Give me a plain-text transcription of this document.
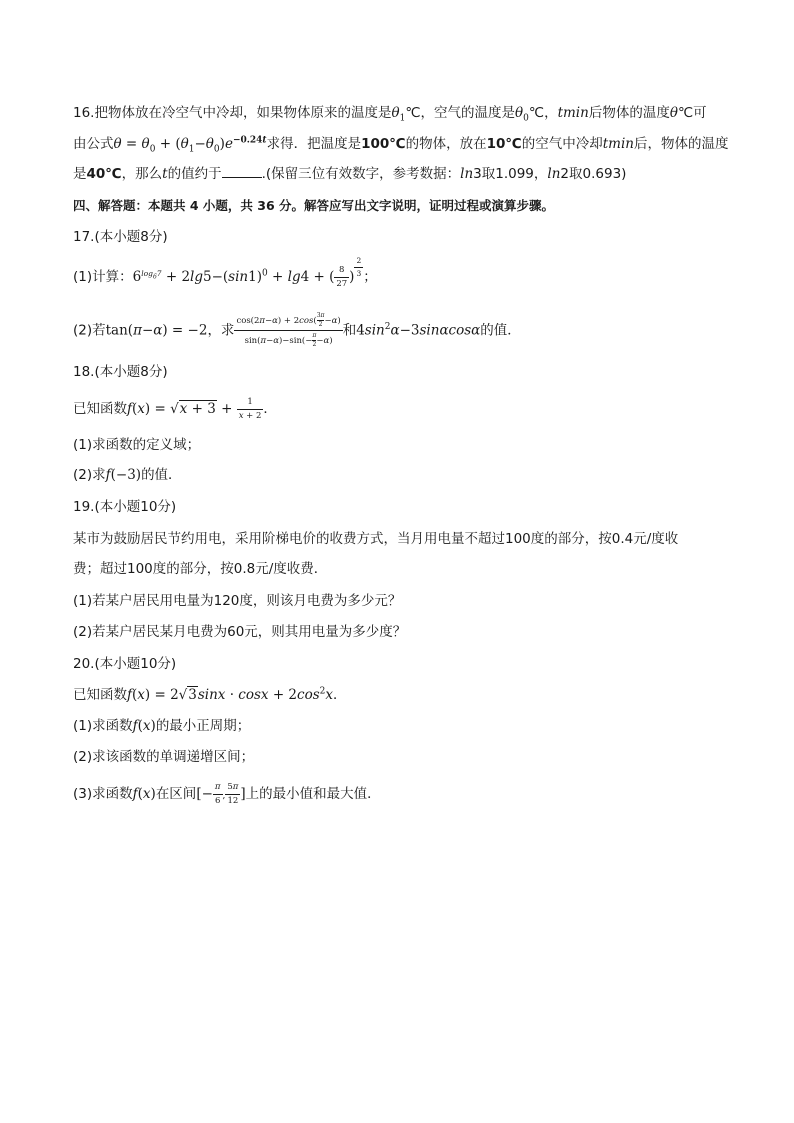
16.把物体放在冷空气中冷却，如果物体原来的温度是$\theta_1℃$，空气的温度是$\theta_0℃$，tmin后物体的温度θ℃可
由公式$\theta = \theta_0 + (\theta_1-\theta_0)e^{-0.24t}$求得．把温度是100℃的物体，放在10℃的空气中冷却tmin后，物体的温度
是40℃，那么t的值约于	.(保留三位有效数字，参考数据：ln3取1.099，ln2取0.693)
四、解答题：本题共 4 小题，共 36 分。解答应写出文字说明，证明过程或演算步骤。
17.(本小题8分)
(1)计算：$6^{log_67} + 2\lg 5-(\sin 1)^0 + \lg 4$ + ( $\frac{8}{27}$ ) $^{\frac{2}{3}}$ ；
(2)若tan(π−α) = −2，求 $\frac{\cos(2\pi-\alpha) + 2\cos( \frac{3\pi}{2} -\alpha)}{\sin(\pi-\alpha)-\sin(- \frac{\pi}{2} -\alpha)}$ 和$4\sin^2\alpha-3\sin\alpha\cos\alpha$的值．
18.(本小题8分)
已知函数$f(x) = √x + 3 + \frac{1}{x + 2}$ ．
(1)求函数的定义域；
(2)求f(−3)的值．
19.(本小题10分)
某市为鼓励居民节约用电，采用阶梯电价的收费方式，当月用电量不超过100度的部分，按0.4元/度收
费；超过100度的部分，按0.8元/度收费．
(1)若某户居民用电量为120度，则该月电费为多少元？
(2)若某户居民某月电费为60元，则其用电量为多少度？
20.(本小题10分)
已知函数$f(x) = 2√3\sin x \cdot \cos x + 2\cos^2x$．
(1)求函数f(x)的最小正周期；
(2)求该函数的单调递增区间；
(3)求函数f(x)在区间[− $\frac{\pi}{6}$ , $\frac{5\pi}{12}$ ]上的最小值和最大值．
